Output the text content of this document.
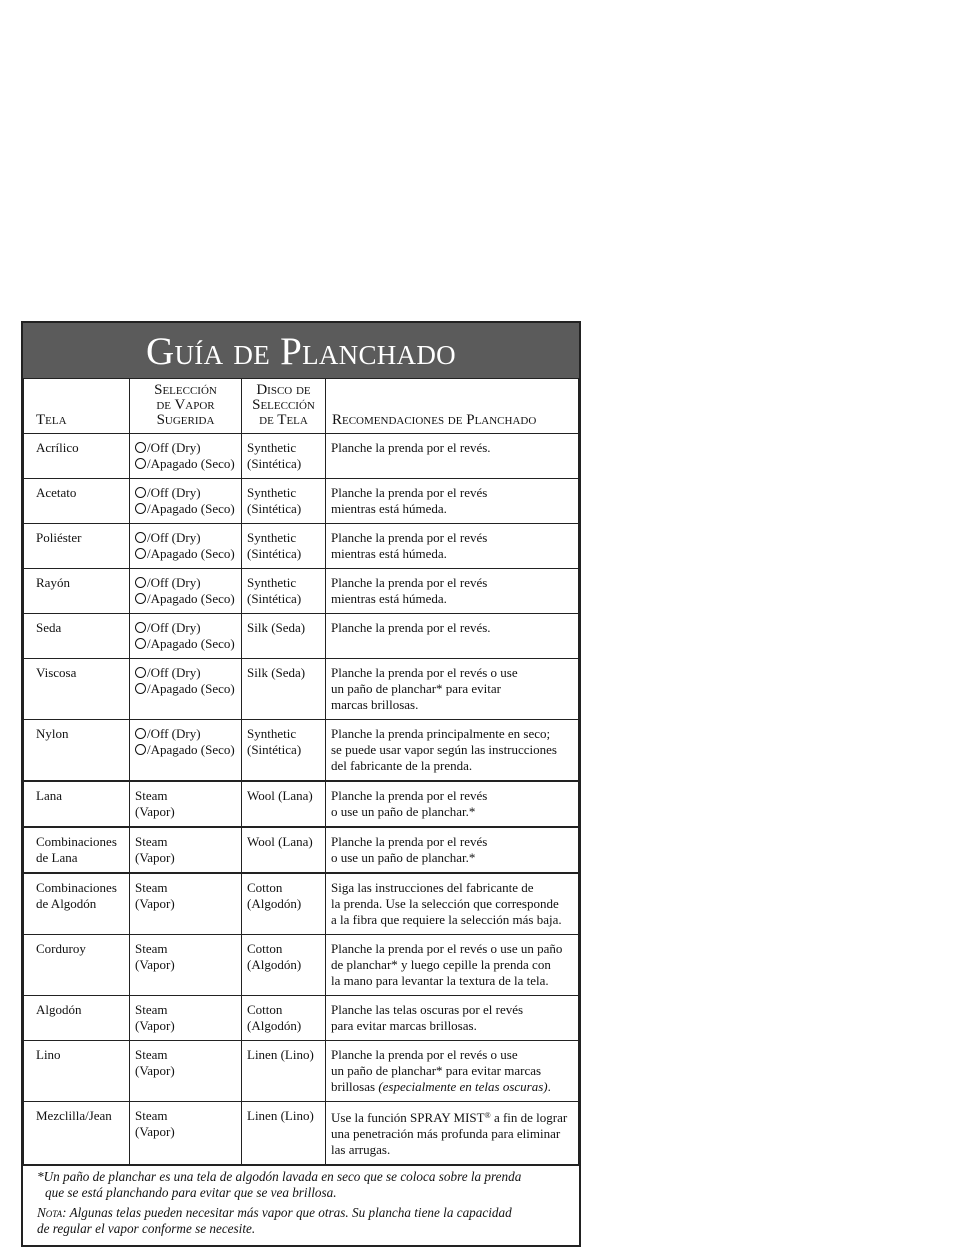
Guía de Planchado
Tela	Selección
de Vapor
Sugerida	Disco de
Selección
de Tela	Recomendaciones de Planchado

Acrílico	/Off (Dry)
/Apagado (Seco)	Synthetic
(Sintética)	Planche la prenda por el revés.

Acetato	/Off (Dry)
/Apagado (Seco)	Synthetic
(Sintética)	Planche la prenda por el revés
mientras está húmeda.

Poliéster	/Off (Dry)
/Apagado (Seco)	Synthetic
(Sintética)	Planche la prenda por el revés
mientras está húmeda.

Rayón	/Off (Dry)
/Apagado (Seco)	Synthetic
(Sintética)	Planche la prenda por el revés
mientras está húmeda.

Seda	/Off (Dry)
/Apagado (Seco)	Silk (Seda)	Planche la prenda por el revés.

Viscosa	/Off (Dry)
/Apagado (Seco)	Silk (Seda)	Planche la prenda por el revés o use
un paño de planchar* para evitar
marcas brillosas.

Nylon	/Off (Dry)
/Apagado (Seco)	Synthetic
(Sintética)	Planche la prenda principalmente en seco;
se puede usar vapor según las instrucciones
del fabricante de la prenda.

Lana	Steam
(Vapor)	Wool (Lana)	Planche la prenda por el revés
o use un paño de planchar.*

Combinaciones
de Lana	Steam
(Vapor)	Wool (Lana)	Planche la prenda por el revés
o use un paño de planchar.*

Combinaciones
de Algodón	Steam
(Vapor)	Cotton
(Algodón)	Siga las instrucciones del fabricante de
la prenda. Use la selección que corresponde
a la fibra que requiere la selección más baja.

Corduroy	Steam
(Vapor)	Cotton
(Algodón)	Planche la prenda por el revés o use un paño
de planchar* y luego cepille la prenda con
la mano para levantar la textura de la tela.

Algodón	Steam
(Vapor)	Cotton
(Algodón)	Planche las telas oscuras por el revés
para evitar marcas brillosas.

Lino	Steam
(Vapor)	Linen (Lino)	Planche la prenda por el revés o use
un paño de planchar* para evitar marcas
brillosas (especialmente en telas oscuras).

Mezclilla/Jean	Steam
(Vapor)	Linen (Lino)	Use la función SPRAY MIST® a fin de lograr
una penetración más profunda para eliminar
las arrugas.
*Un paño de planchar es una tela de algodón lavada en seco que se coloca sobre la prenda
que se está planchando para evitar que se vea brillosa.
Nota: Algunas telas pueden necesitar más vapor que otras. Su plancha tiene la capacidad
de regular el vapor conforme se necesite.
